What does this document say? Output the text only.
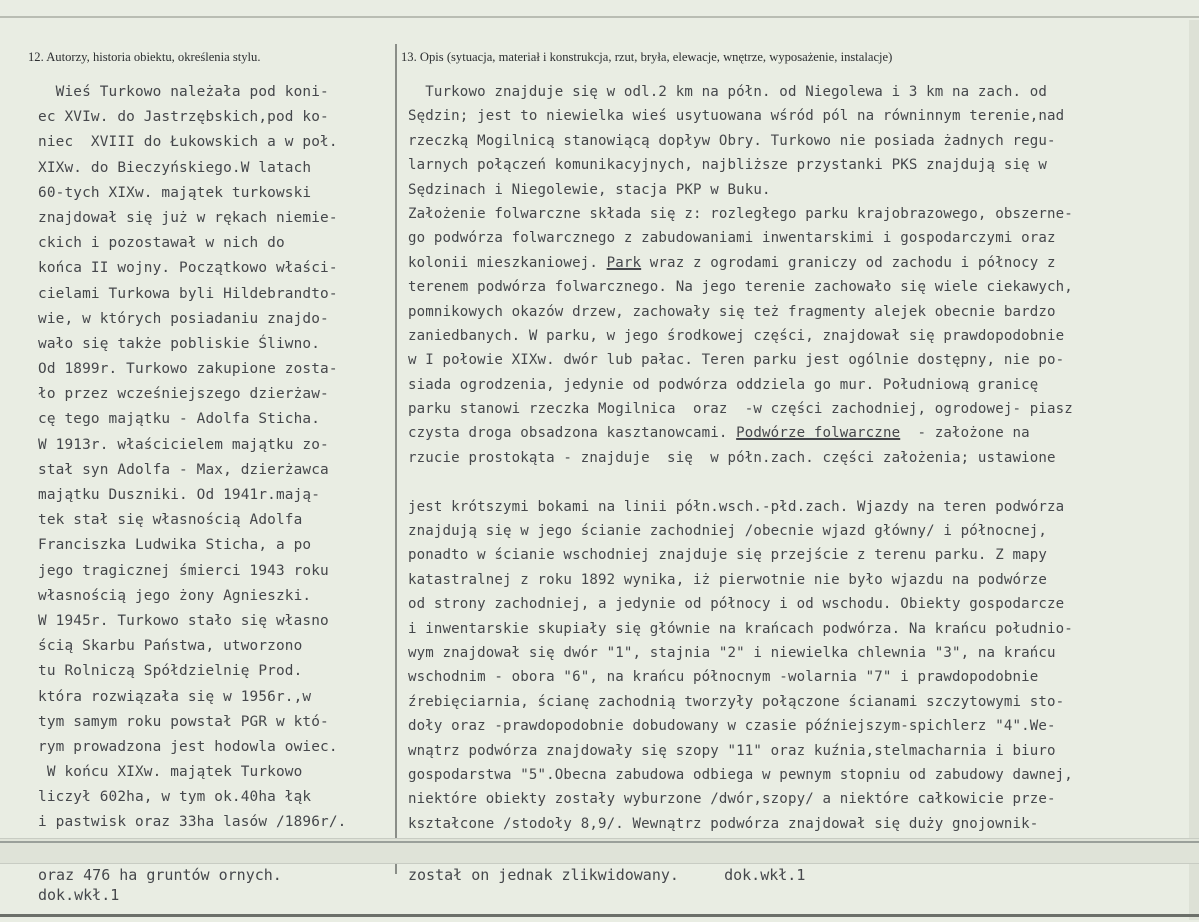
12. Autorzy, historia obiektu, określenia stylu.	13. Opis (sytuacja, materiał i konstrukcja, rzut, bryła, elewacje, wnętrze, wyposażenie, instalacje)
Wieś Turkowo należała pod koni-
ec XVIw. do Jastrzębskich,pod ko-
niec  XVIII do Łukowskich a w poł.
XIXw. do Bieczyńskiego.W latach
60-tych XIXw. majątek turkowski
znajdował się już w rękach niemie-
ckich i pozostawał w nich do
końca II wojny. Początkowo właści-
cielami Turkowa byli Hildebrandto-
wie, w których posiadaniu znajdo-
wało się także pobliskie Śliwno.
Od 1899r. Turkowo zakupione zosta-
ło przez wcześniejszego dzierżaw-
cę tego majątku - Adolfa Sticha.
W 1913r. właścicielem majątku zo-
stał syn Adolfa - Max, dzierżawca
majątku Duszniki. Od 1941r.mają-
tek stał się własnością Adolfa
Franciszka Ludwika Sticha, a po
jego tragicznej śmierci 1943 roku
własnością jego żony Agnieszki.
W 1945r. Turkowo stało się własno
ścią Skarbu Państwa, utworzono
tu Rolniczą Spółdzielnię Prod.
która rozwiązała się w 1956r.,w
tym samym roku powstał PGR w któ-
rym prowadzona jest hodowla owiec.
W końcu XIXw. majątek Turkowo
liczył 602ha, w tym ok.40ha łąk
i pastwisk oraz 33ha lasów /1896r/.
Turkowo znajduje się w odl.2 km na półn. od Niegolewa i 3 km na zach. od
Sędzin; jest to niewielka wieś usytuowana wśród pól na równinnym terenie,nad
rzeczką Mogilnicą stanowiącą dopływ Obry. Turkowo nie posiada żadnych regu-
larnych połączeń komunikacyjnych, najbliższe przystanki PKS znajdują się w
Sędzinach i Niegolewie, stacja PKP w Buku.
Założenie folwarczne składa się z: rozległego parku krajobrazowego, obszerne-
go podwórza folwarcznego z zabudowaniami inwentarskimi i gospodarczymi oraz
kolonii mieszkaniowej. Park wraz z ogrodami graniczy od zachodu i północy z
terenem podwórza folwarcznego. Na jego terenie zachowało się wiele ciekawych,
pomnikowych okazów drzew, zachowały się też fragmenty alejek obecnie bardzo
zaniedbanych. W parku, w jego środkowej części, znajdował się prawdopodobnie
w I połowie XIXw. dwór lub pałac. Teren parku jest ogólnie dostępny, nie po-
siada ogrodzenia, jedynie od podwórza oddziela go mur. Południową granicę
parku stanowi rzeczka Mogilnica  oraz  -w części zachodniej, ogrodowej- piasz
czysta droga obsadzona kasztanowcami. Podwórze folwarczne  - założone na
rzucie prostokąta - znajduje  się  w półn.zach. części założenia; ustawione
jest krótszymi bokami na linii półn.wsch.-płd.zach. Wjazdy na teren podwórza
znajdują się w jego ścianie zachodniej /obecnie wjazd główny/ i północnej,
ponadto w ścianie wschodniej znajduje się przejście z terenu parku. Z mapy
katastralnej z roku 1892 wynika, iż pierwotnie nie było wjazdu na podwórze
od strony zachodniej, a jedynie od północy i od wschodu. Obiekty gospodarcze
i inwentarskie skupiały się głównie na krańcach podwórza. Na krańcu południo-
wym znajdował się dwór "1", stajnia "2" i niewielka chlewnia "3", na krańcu
wschodnim - obora "6", na krańcu północnym -wolarnia "7" i prawdopodobnie
źrebięciarnia, ścianę zachodnią tworzyły połączone ścianami szczytowymi sto-
doły oraz -prawdopodobnie dobudowany w czasie późniejszym-spichlerz "4".We-
wnątrz podwórza znajdowały się szopy "11" oraz kuźnia,stelmacharnia i biuro
gospodarstwa "5".Obecna zabudowa odbiega w pewnym stopniu od zabudowy dawnej,
niektóre obiekty zostały wyburzone /dwór,szopy/ a niektóre całkowicie prze-
kształcone /stodoły 8,9/. Wewnątrz podwórza znajdował się duży gnojownik-
oraz 476 ha gruntów ornych.
dok.wkł.1
został on jednak zlikwidowany.     dok.wkł.1
